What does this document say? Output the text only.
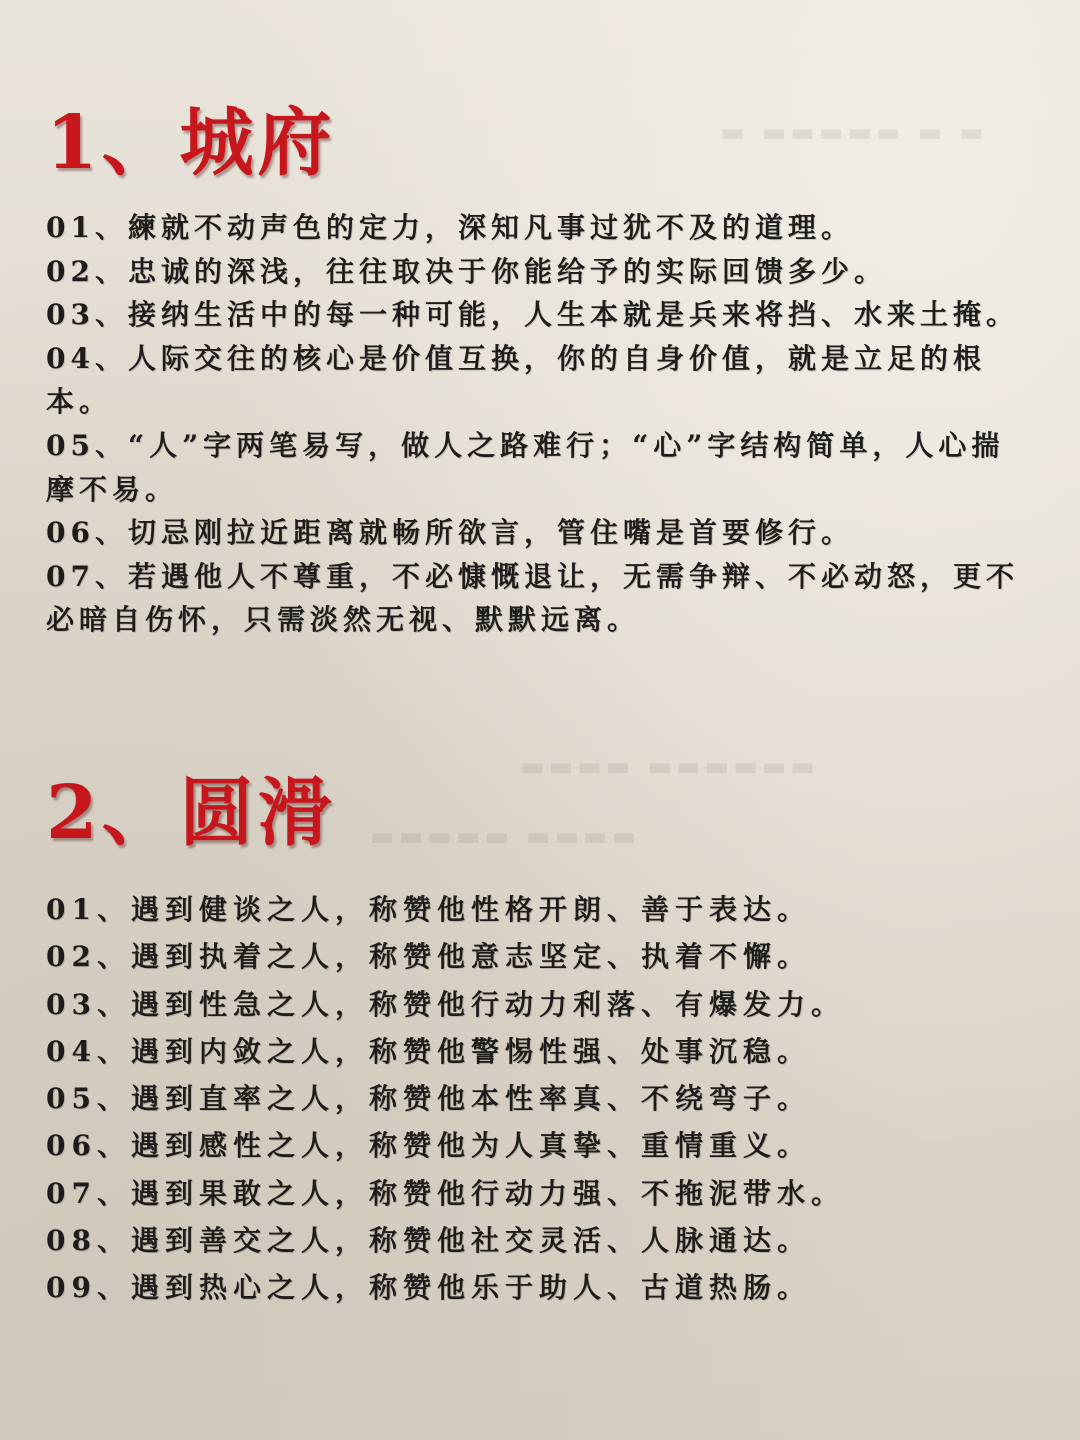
▬ ▬▬▬▬▬ ▬ ▬
▬▬▬▬ ▬▬▬▬▬▬
▬▬▬▬▬ ▬▬▬▬
1、城府
01、練就不动声色的定力，深知凡事过犹不及的道理。
02、忠诚的深浅，往往取决于你能给予的实际回馈多少。
03、接纳生活中的每一种可能，人生本就是兵来将挡、水来土掩。
04、人际交往的核心是价值互换，你的自身价值，就是立足的根本。
05、“人”字两笔易写，做人之路难行；“心”字结构简单，人心揣摩不易。
06、切忌刚拉近距离就畅所欲言，管住嘴是首要修行。
07、若遇他人不尊重，不必慷慨退让，无需争辩、不必动怒，更不必暗自伤怀，只需淡然无视、默默远离。
2、圆滑
01、遇到健谈之人，称赞他性格开朗、善于表达。
02、遇到执着之人，称赞他意志坚定、执着不懈。
03、遇到性急之人，称赞他行动力利落、有爆发力。
04、遇到内敛之人，称赞他警惕性强、处事沉稳。
05、遇到直率之人，称赞他本性率真、不绕弯子。
06、遇到感性之人，称赞他为人真挚、重情重义。
07、遇到果敢之人，称赞他行动力强、不拖泥带水。
08、遇到善交之人，称赞他社交灵活、人脉通达。
09、遇到热心之人，称赞他乐于助人、古道热肠。
